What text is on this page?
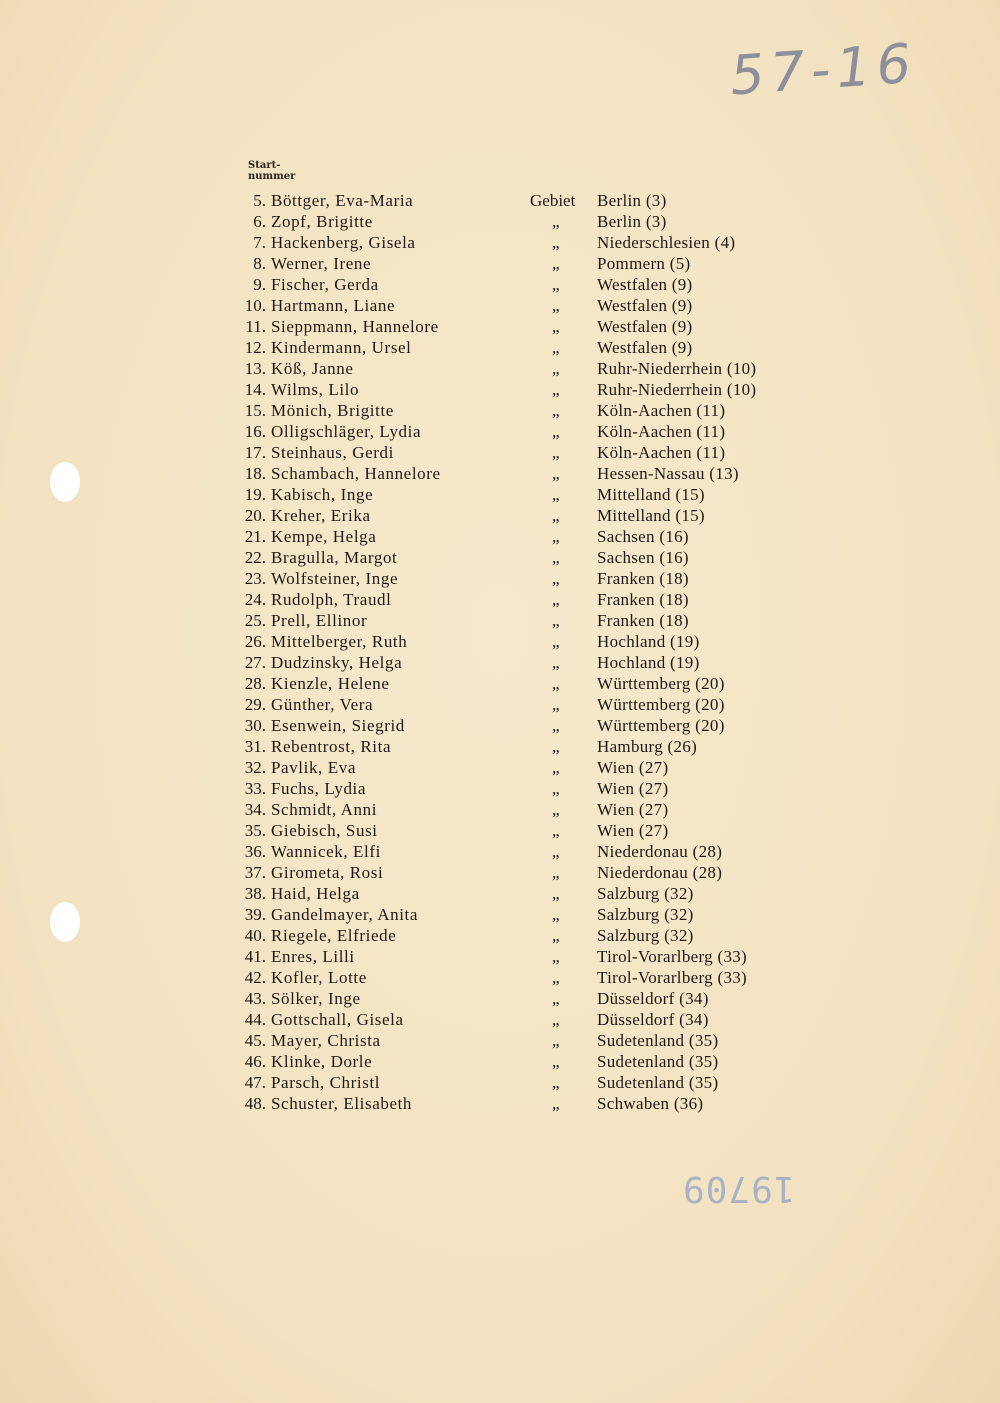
57-16
19709
Start-
nummer
5. Böttger, Eva-Maria	Gebiet	Berlin (3)
6. Zopf, Brigitte	„	Berlin (3)
7. Hackenberg, Gisela	„	Niederschlesien (4)
8. Werner, Irene	„	Pommern (5)
9. Fischer, Gerda	„	Westfalen (9)
10. Hartmann, Liane	„	Westfalen (9)
11. Sieppmann, Hannelore	„	Westfalen (9)
12. Kindermann, Ursel	„	Westfalen (9)
13. Köß, Janne	„	Ruhr-Niederrhein (10)
14. Wilms, Lilo	„	Ruhr-Niederrhein (10)
15. Mönich, Brigitte	„	Köln-Aachen (11)
16. Olligschläger, Lydia	„	Köln-Aachen (11)
17. Steinhaus, Gerdi	„	Köln-Aachen (11)
18. Schambach, Hannelore	„	Hessen-Nassau (13)
19. Kabisch, Inge	„	Mittelland (15)
20. Kreher, Erika	„	Mittelland (15)
21. Kempe, Helga	„	Sachsen (16)
22. Bragulla, Margot	„	Sachsen (16)
23. Wolfsteiner, Inge	„	Franken (18)
24. Rudolph, Traudl	„	Franken (18)
25. Prell, Ellinor	„	Franken (18)
26. Mittelberger, Ruth	„	Hochland (19)
27. Dudzinsky, Helga	„	Hochland (19)
28. Kienzle, Helene	„	Württemberg (20)
29. Günther, Vera	„	Württemberg (20)
30. Esenwein, Siegrid	„	Württemberg (20)
31. Rebentrost, Rita	„	Hamburg (26)
32. Pavlik, Eva	„	Wien (27)
33. Fuchs, Lydia	„	Wien (27)
34. Schmidt, Anni	„	Wien (27)
35. Giebisch, Susi	„	Wien (27)
36. Wannicek, Elfi	„	Niederdonau (28)
37. Girometa, Rosi	„	Niederdonau (28)
38. Haid, Helga	„	Salzburg (32)
39. Gandelmayer, Anita	„	Salzburg (32)
40. Riegele, Elfriede	„	Salzburg (32)
41. Enres, Lilli	„	Tirol-Vorarlberg (33)
42. Kofler, Lotte	„	Tirol-Vorarlberg (33)
43. Sölker, Inge	„	Düsseldorf (34)
44. Gottschall, Gisela	„	Düsseldorf (34)
45. Mayer, Christa	„	Sudetenland (35)
46. Klinke, Dorle	„	Sudetenland (35)
47. Parsch, Christl	„	Sudetenland (35)
48. Schuster, Elisabeth	„	Schwaben (36)
